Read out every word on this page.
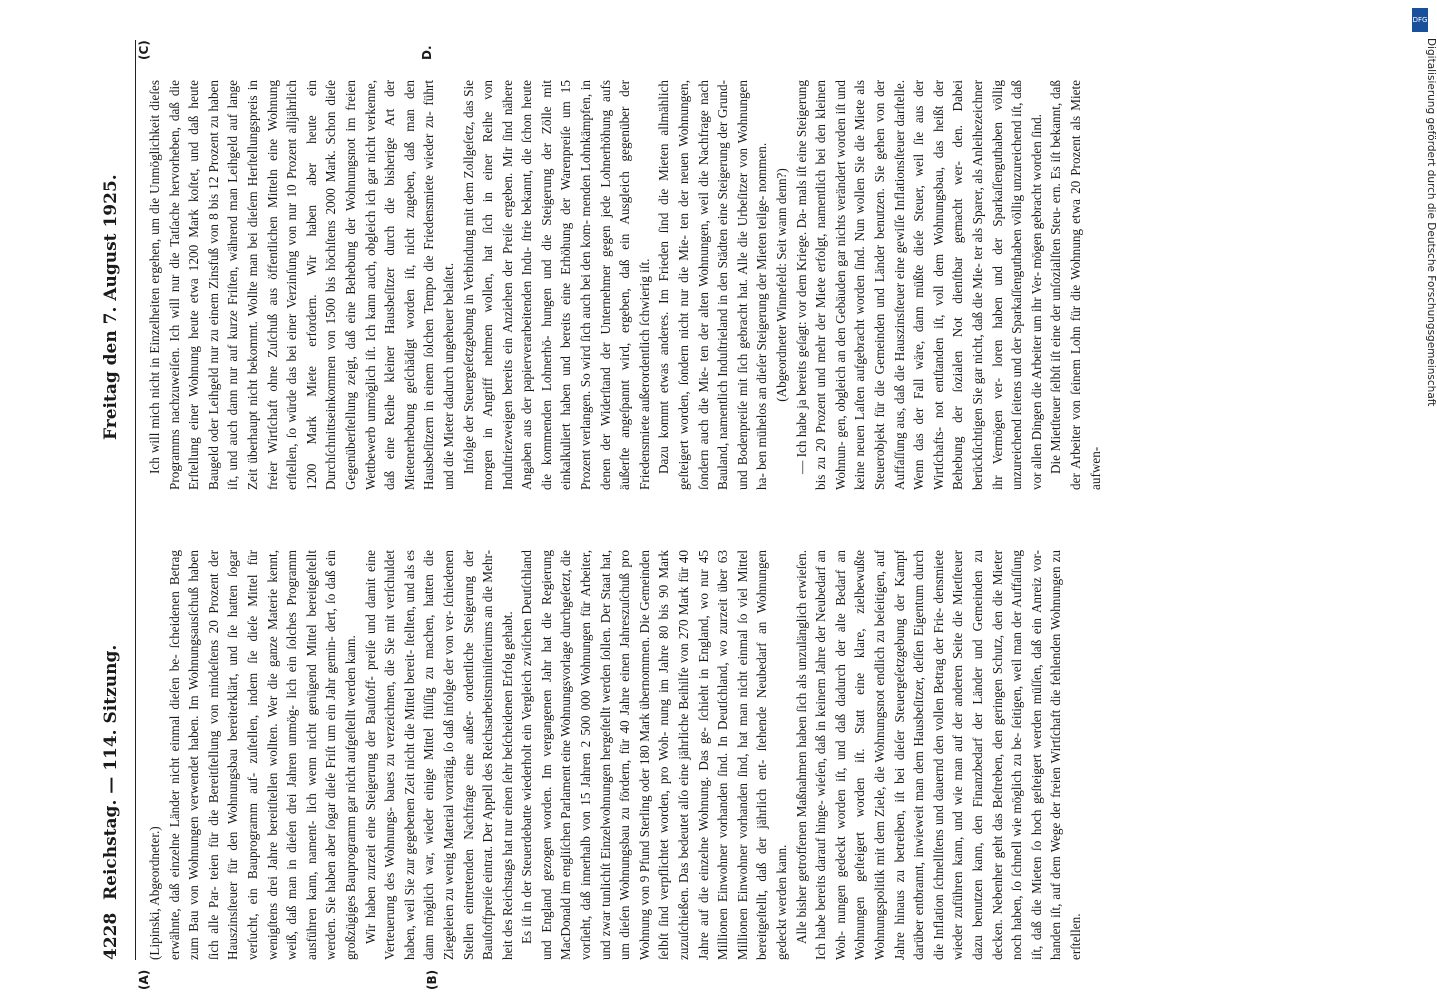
4228
Reichstag. — 114. Sitzung.
Freitag den 7. August 1925.
(A)	(B)
(C)	D.

(Lipinski, Abgeordneter.) erwähnte, daß einzelne Länder nicht einmal dieſen be- ſcheidenen Betrag zum Bau von Wohnungen verwendet haben. Im Wohnungsausſchuß haben ſich alle Par- teien für die Bereitſtellung von mindeſtens 20 Prozent der Hauszinsſteuer für den Wohnungsbau bereiterklärt, und ſie hatten ſogar verſucht, ein Bauprogramm auf- zuſtellen, indem ſie dieſe Mittel für wenigſtens drei Jahre bereitſtellen wollten. Wer die ganze Materie kennt, weiß, daß man in dieſen drei Jahren unmög- lich ein ſolches Programm ausführen kann, nament- lich wenn nicht genügend Mittel bereitgeſtellt werden. Sie haben aber ſogar dieſe Friſt um ein Jahr gemin- dert, ſo daß ein großzügiges Bauprogramm gar nicht aufgeſtellt werden kann. Wir haben zurzeit eine Steigerung der Bauſtoff- preiſe und damit eine Verteuerung des Wohnungs- baues zu verzeichnen, die Sie mit verſchuldet haben, weil Sie zur gegebenen Zeit nicht die Mittel bereit- ſtellten, und als es dann möglich war, wieder einige Mittel flüſſig zu machen, hatten die Ziegeleien zu wenig Material vorrätig, ſo daß infolge der von ver- ſchiedenen Stellen eintretenden Nachfrage eine außer- ordentliche Steigerung der Bauſtoffpreiſe eintrat. Der Appell des Reichsarbeitsminiſteriums an die Mehr- heit des Reichstags hat nur einen ſehr beſcheidenen Erfolg gehabt. Es iſt in der Steuerdebatte wiederholt ein Vergleich zwiſchen Deutſchland und England gezogen worden. Im vergangenen Jahr hat die Regierung MacDonald im engliſchen Parlament eine Wohnungsvorlage durchgeſetzt, die vorſieht, daß innerhalb von 15 Jahren 2 500 000 Wohnungen für Arbeiter, und zwar tunlichſt Einzelwohnungen hergeſtellt werden ſollen. Der Staat hat, um dieſen Wohnungsbau zu fördern, für 40 Jahre einen Jahreszuſchuß pro Wohnung von 9 Pfund Sterling oder 180 Mark übernommen. Die Gemeinden ſelbſt ſind verpflichtet worden, pro Woh- nung im Jahre 80 bis 90 Mark zuzuſchießen. Das bedeutet alſo eine jährliche Beihilfe von 270 Mark für 40 Jahre auf die einzelne Wohnung. Das ge- ſchieht in England, wo nur 45 Millionen Einwohner vorhanden ſind. In Deutſchland, wo zurzeit über 63 Millionen Einwohner vorhanden ſind, hat man nicht einmal ſo viel Mittel bereitgeſtellt, daß der jährlich ent- ſtehende Neubedarf an Wohnungen gedeckt werden kann. Alle bisher getroffenen Maßnahmen haben ſich als unzulänglich erwieſen. Ich habe bereits darauf hinge- wieſen, daß in keinem Jahre der Neubedarf an Woh- nungen gedeckt worden iſt, und daß dadurch der alte Bedarf an Wohnungen geſteigert worden iſt. Statt eine klare, zielbewußte Wohnungspolitik mit dem Ziele, die Wohnungsnot endlich zu beſeitigen, auf Jahre hinaus zu betreiben, iſt bei dieſer Steuergeſetzgebung der Kampf darüber entbrannt, inwieweit man dem Hausbeſitzer, deſſen Eigentum durch die Inflation ſchnellſtens und dauernd den vollen Betrag der Frie- densmiete wieder zuführen kann, und wie man auf der anderen Seite die Mietſteuer dazu benutzen kann, den Finanzbedarf der Länder und Gemeinden zu decken. Nebenher geht das Beſtreben, den geringen Schutz, den die Mieter noch haben, ſo ſchnell wie möglich zu be- ſeitigen, weil man der Auffaſſung iſt, daß die Mieten ſo hoch geſteigert werden müſſen, daß ein Anreiz vor- handen iſt, auf dem Wege der freien Wirtſchaft die fehlenden Wohnungen zu erſtellen.

Ich will mich nicht in Einzelheiten ergehen, um die Unmöglichkeit dieſes Programms nachzuweiſen. Ich will nur die Tatſache hervorheben, daß die Erſtellung einer Wohnung heute etwa 1200 Mark koſtet, und daß heute Baugeld oder Leihgeld nur zu einem Zinsfuß von 8 bis 12 Prozent zu haben iſt, und auch dann nur auf kurze Friſten, während man Leihgeld auf lange Zeit überhaupt nicht bekommt. Wollte man bei dieſem Herſtellungspreis in freier Wirtſchaft ohne Zuſchuß aus öffentlichen Mitteln eine Wohnung erſtellen, ſo würde das bei einer Verzinſung von nur 10 Prozent alljährlich 1200 Mark Miete erfordern. Wir haben aber heute ein Durchſchnittseinkommen von 1500 bis höchſtens 2000 Mark. Schon dieſe Gegenüberſtellung zeigt, daß eine Behebung der Wohnungsnot im freien Wettbewerb unmöglich iſt. Ich kann auch, obgleich ich gar nicht verkenne, daß eine Reihe kleiner Hausbeſitzer durch die bisherige Art der Mietenerhebung geſchädigt worden iſt, nicht zugeben, daß man den Hausbeſitzern in einem ſolchen Tempo die Friedensmiete wieder zu- führt und die Mieter dadurch ungeheuer belaſtet. Infolge der Steuergeſetzgebung in Verbindung mit dem Zollgeſetz, das Sie morgen in Angriff nehmen wollen, hat ſich in einer Reihe von Induſtriezweigen bereits ein Anziehen der Preiſe ergeben. Mir ſind nähere Angaben aus der papierverarbeitenden Indu- ſtrie bekannt, die ſchon heute die kommenden Lohnerhö- hungen und die Steigerung der Zölle mit einkalkuliert haben und bereits eine Erhöhung der Warenpreiſe um 15 Prozent verlangen. So wird ſich auch bei den kom- menden Lohnkämpfen, in denen der Widerſtand der Unternehmer gegen jede Lohnerhöhung aufs äußerſte angeſpannt wird, ergeben, daß ein Ausgleich gegenüber der Friedensmiete außerordentlich ſchwierig iſt. Dazu kommt etwas anderes. Im Frieden ſind die Mieten allmählich geſteigert worden, ſondern nicht nur die Mie- ten der neuen Wohnungen, ſondern auch die Mie- ten der alten Wohnungen, weil die Nachfrage nach Bauland, namentlich Induſtrieland in den Städten eine Steigerung der Grund- und Bodenpreiſe mit ſich gebracht hat. Alle die Urbeſitzer von Wohnungen ha- ben mühelos an dieſer Steigerung der Mieten teilge- nommen. (Abgeordneter Winnefeld: Seit wann denn?) — Ich habe ja bereits geſagt: vor dem Kriege. Da- mals iſt eine Steigerung bis zu 20 Prozent und mehr der Miete erfolgt, namentlich bei den kleinen Wohnun- gen, obgleich an den Gebäuden gar nichts verändert worden iſt und keine neuen Laſten aufgebracht worden ſind. Nun wollen Sie die Miete als Steuerobjekt für die Gemeinden und Länder benutzen. Sie gehen von der Auffaſſung aus, daß die Hauszinsſteuer eine gewiſſe Inflationsſteuer darſtelle. Wenn das der Fall wäre, dann müßte dieſe Steuer, weil ſie aus der Wirtſchafts- not entſtanden iſt, voll dem Wohnungsbau, das heißt der Behebung der ſozialen Not dienſtbar gemacht wer- den. Dabei berückſichtigen Sie gar nicht, daß die Mie- ter als Sparer, als Anleihezeichner ihr Vermögen ver- loren haben und der Sparkaſſenguthaben völlig unzureichend ſeitens und der Sparkaſſenguthaben völlig unzureichend iſt, daß vor allen Dingen die Arbeiter um ihr Ver- mögen gebracht worden ſind. Die Mietſteuer ſelbſt iſt eine der unſozialſten Steu- ern. Es iſt bekannt, daß der Arbeiter von ſeinem Lohn für die Wohnung etwa 20 Prozent als Miete aufwen-

DFG
Digitalisierung gefördert durch die Deutsche Forschungsgemeinschaft
